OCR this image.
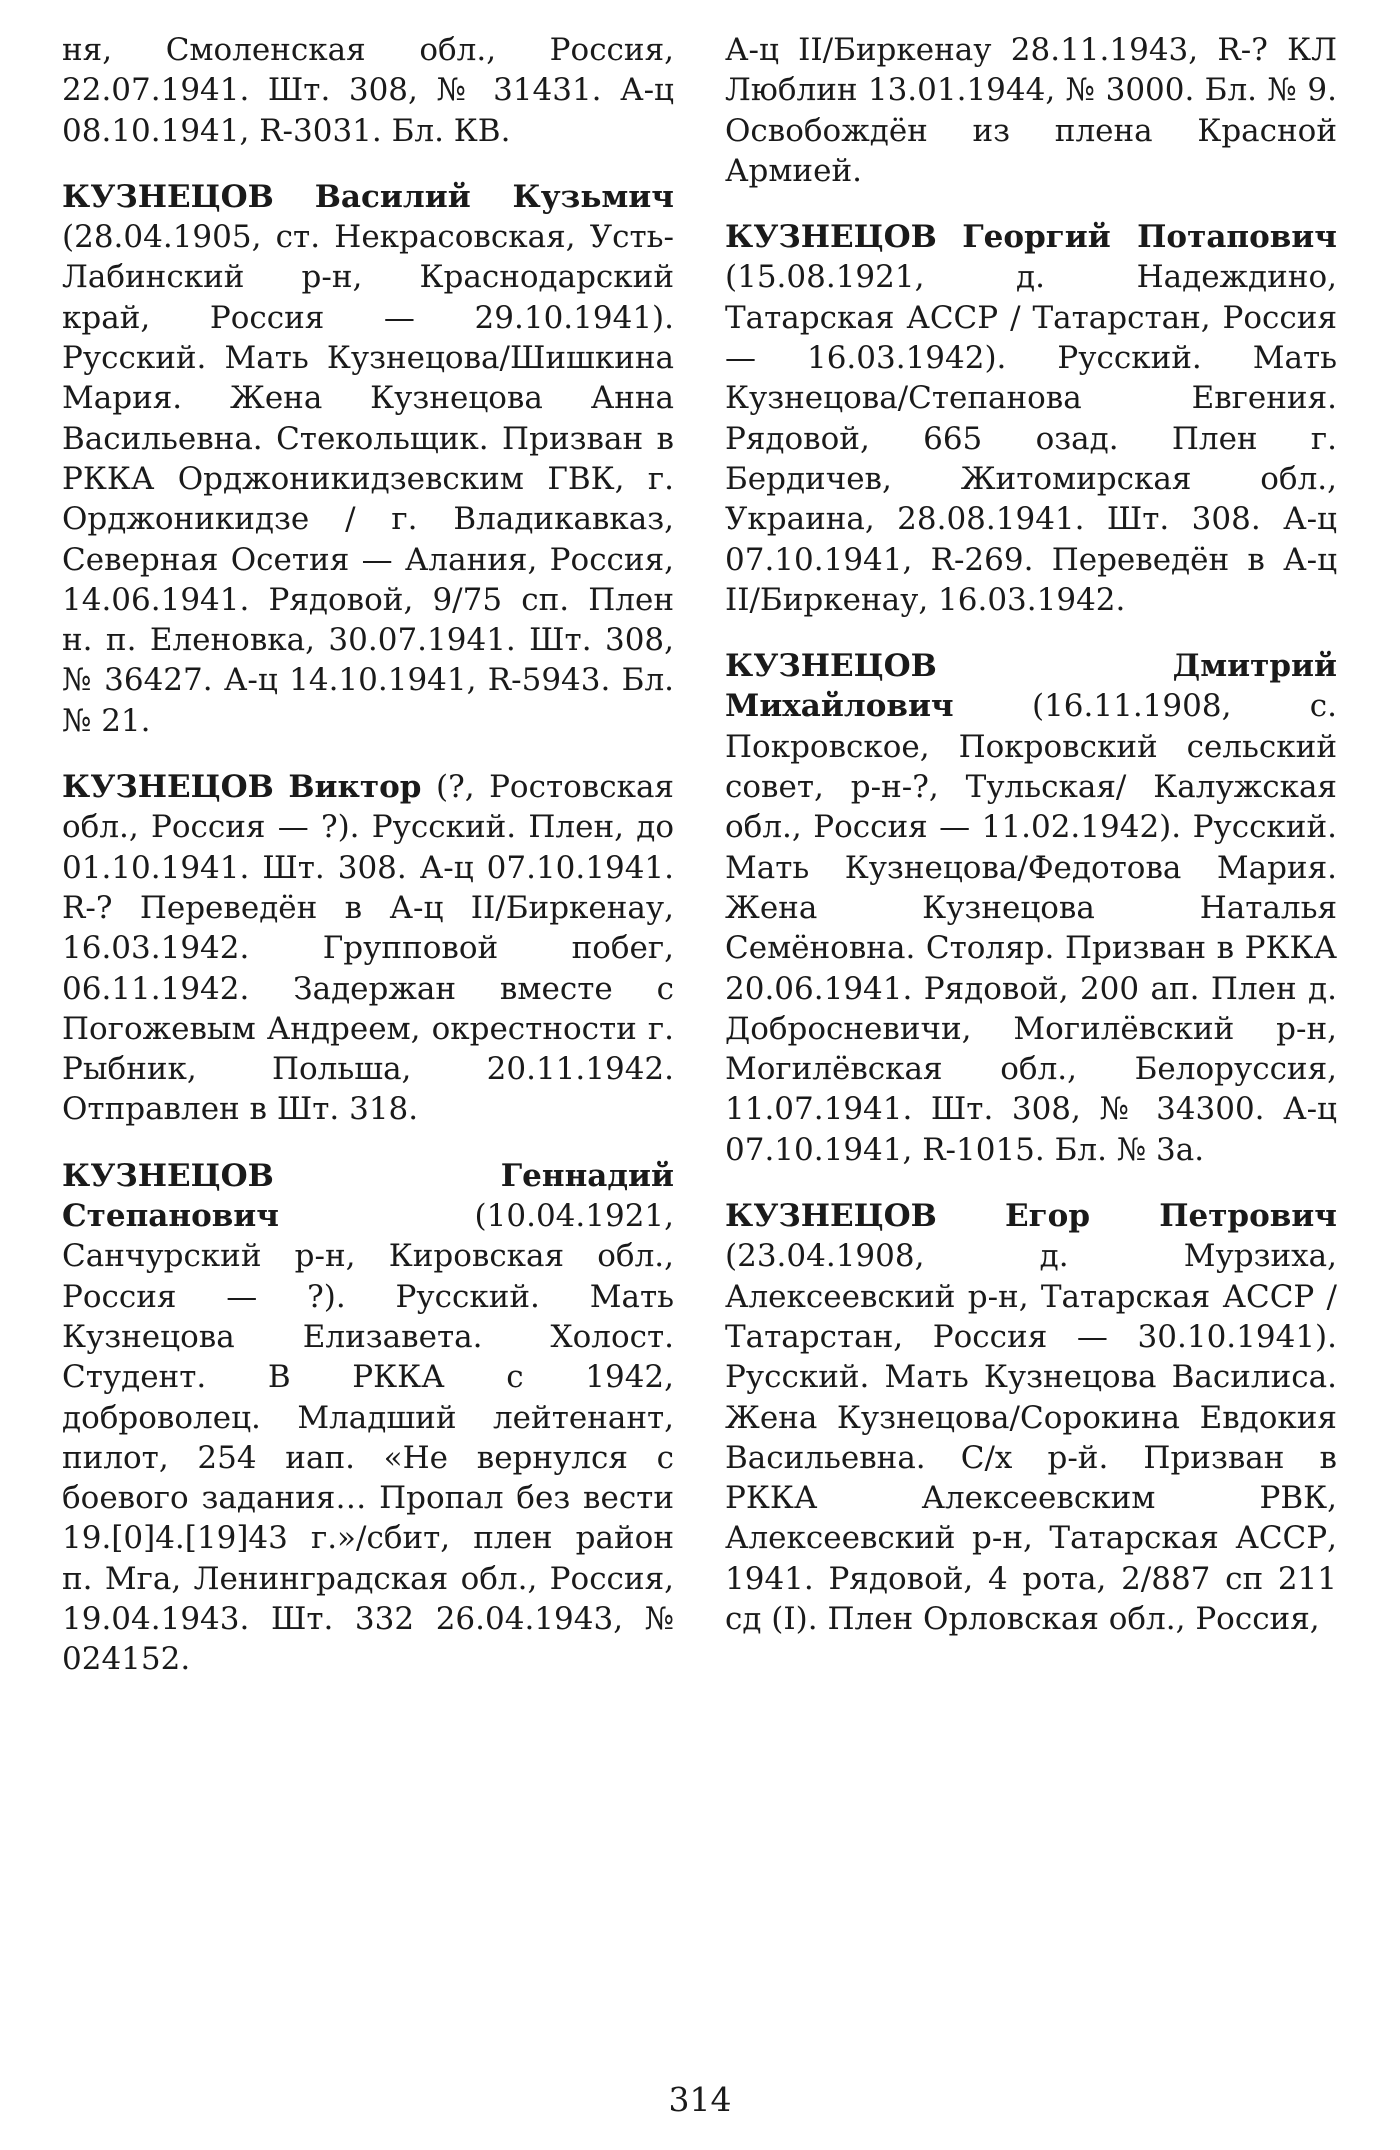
ня, Смоленская обл., Россия, 22.07.1941. Шт. 308, № 31431. А-ц 08.10.1941, R-3031. Бл. КВ.

КУЗНЕЦОВ Василий Кузьмич (28.04.1905, ст. Некрасовская, Усть-Лабинский р-н, Краснодарский край, Россия — 29.10.1941). Русский. Мать Кузнецова/Шишкина Мария. Жена Кузнецова Анна Васильевна. Стекольщик. Призван в РККА Орджоникидзевским ГВК, г. Орджоникидзе / г. Владикавказ, Северная Осетия — Алания, Россия, 14.06.1941. Рядовой, 9/75 сп. Плен н. п. Еленовка, 30.07.1941. Шт. 308, № 36427. А-ц 14.10.1941, R-5943. Бл. № 21.

КУЗНЕЦОВ Виктор (?, Ростовская обл., Россия — ?). Русский. Плен, до 01.10.1941. Шт. 308. А-ц 07.10.1941. R-? Переведён в А-ц II/Биркенау, 16.03.1942. Групповой побег, 06.11.1942. Задержан вместе с Погожевым Андреем, окрестности г. Рыбник, Польша, 20.11.1942. Отправлен в Шт. 318.

КУЗНЕЦОВ	Геннадий Степанович	(10.04.1921, Санчурский р-н, Кировская обл., Россия — ?). Русский. Мать Кузнецова Елизавета. Холост. Студент. В РККА с 1942, доброволец. Младший лейтенант, пилот, 254 иап. «Не вернулся с боевого задания… Пропал без вести 19.[0]4.[19]43 г.»/сбит, плен район п. Мга, Ленинградская обл., Россия, 19.04.1943. Шт. 332 26.04.1943, № 024152.

А-ц II/Биркенау 28.11.1943, R-? КЛ Люблин 13.01.1944, № 3000. Бл. № 9. Освобождён из плена Красной Армией.

КУЗНЕЦОВ Георгий Потапович (15.08.1921, д. Надеждино, Татарская АССР / Татарстан, Россия — 16.03.1942). Русский. Мать Кузнецова/Степанова Евгения. Рядовой, 665 озад. Плен г. Бердичев, Житомирская обл., Украина, 28.08.1941. Шт. 308. А-ц 07.10.1941, R-269. Переведён в А-ц II/Биркенау, 16.03.1942.

КУЗНЕЦОВ	Дмитрий Михайлович	(16.11.1908, с. Покровское, Покровский сельский совет, р-н-?, Тульская/ Калужская обл., Россия — 11.02.1942). Русский. Мать Кузнецова/Федотова Мария. Жена Кузнецова Наталья Семёновна. Столяр. Призван в РККА 20.06.1941. Рядовой, 200 ап. Плен д. Добросневичи, Могилёвский р-н, Могилёвская обл., Белоруссия, 11.07.1941. Шт. 308, № 34300. А-ц 07.10.1941, R-1015. Бл. № 3а.

КУЗНЕЦОВ Егор Петрович (23.04.1908, д. Мурзиха, Алексеевский р-н, Татарская АССР / Татарстан, Россия — 30.10.1941). Русский. Мать Кузнецова Василиса. Жена Кузнецова/Сорокина Евдокия Васильевна. С/х р-й. Призван в РККА Алексеевским РВК, Алексеевский р-н, Татарская АССР, 1941. Рядовой, 4 рота, 2/887 сп 211 сд (I). Плен Орловская обл., Россия,

314
